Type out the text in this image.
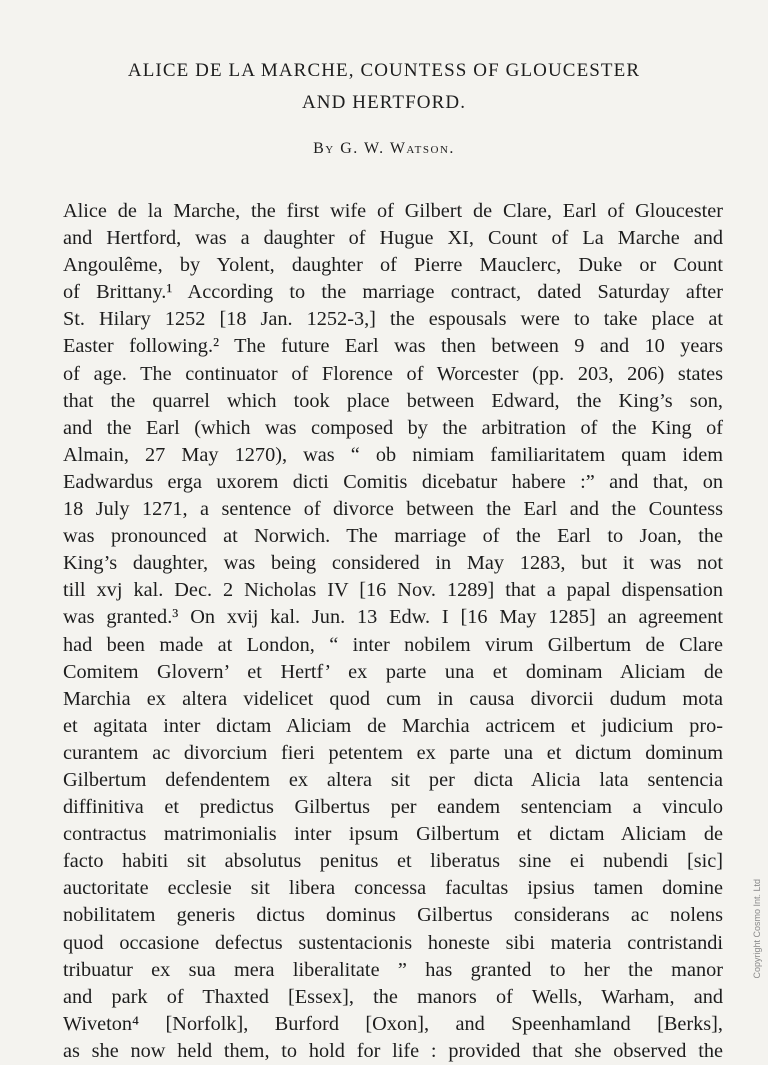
ALICE DE LA MARCHE, COUNTESS OF GLOUCESTER
AND HERTFORD.
By G. W. Watson.
Alice de la Marche, the first wife of Gilbert de Clare, Earl of Gloucester
and Hertford, was a daughter of Hugue XI, Count of La Marche and
Angoulême, by Yolent, daughter of Pierre Mauclerc, Duke or Count
of Brittany.¹ According to the marriage contract, dated Saturday after
St. Hilary 1252 [18 Jan. 1252-3,] the espousals were to take place at
Easter following.² The future Earl was then between 9 and 10 years
of age. The continuator of Florence of Worcester (pp. 203, 206) states
that the quarrel which took place between Edward, the King’s son,
and the Earl (which was composed by the arbitration of the King of
Almain, 27 May 1270), was “ ob nimiam familiaritatem quam idem
Eadwardus erga uxorem dicti Comitis dicebatur habere :” and that, on
18 July 1271, a sentence of divorce between the Earl and the Countess
was pronounced at Norwich. The marriage of the Earl to Joan, the
King’s daughter, was being considered in May 1283, but it was not
till xvj kal. Dec. 2 Nicholas IV [16 Nov. 1289] that a papal dispensation
was granted.³ On xvij kal. Jun. 13 Edw. I [16 May 1285] an agreement
had been made at London, “ inter nobilem virum Gilbertum de Clare
Comitem Glovern’ et Hertf’ ex parte una et dominam Aliciam de
Marchia ex altera videlicet quod cum in causa divorcii dudum mota
et agitata inter dictam Aliciam de Marchia actricem et judicium pro-
curantem ac divorcium fieri petentem ex parte una et dictum dominum
Gilbertum defendentem ex altera sit per dicta Alicia lata sentencia
diffinitiva et predictus Gilbertus per eandem sentenciam a vinculo
contractus matrimonialis inter ipsum Gilbertum et dictam Aliciam de
facto habiti sit absolutus penitus et liberatus sine ei nubendi [sic]
auctoritate ecclesie sit libera concessa facultas ipsius tamen domine
nobilitatem generis dictus dominus Gilbertus considerans ac nolens
quod occasione defectus sustentacionis honeste sibi materia contristandi
tribuatur ex sua mera liberalitate ” has granted to her the manor
and park of Thaxted [Essex], the manors of Wells, Warham, and
Wiveton⁴ [Norfolk], Burford [Oxon], and Speenhamland [Berks],
as she now held them, to hold for life : provided that she observed the
Copyright Cosmo Int. Ltd
